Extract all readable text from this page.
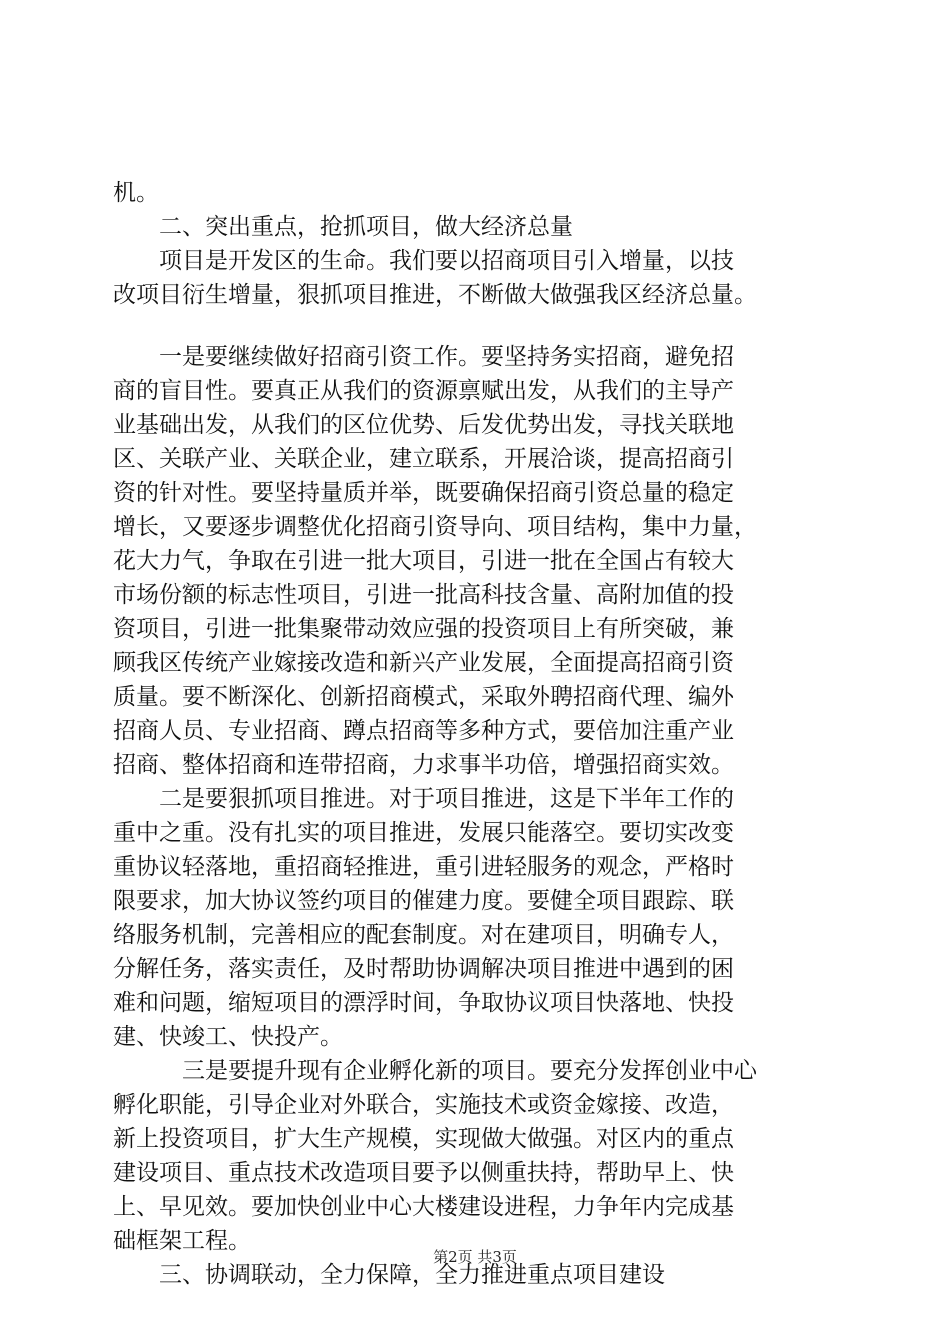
机。
二、突出重点，抢抓项目，做大经济总量
项目是开发区的生命。我们要以招商项目引入增量，以技
改项目衍生增量，狠抓项目推进，不断做大做强我区经济总量。
一是要继续做好招商引资工作。要坚持务实招商，避免招
商的盲目性。要真正从我们的资源禀赋出发，从我们的主导产
业基础出发，从我们的区位优势、后发优势出发，寻找关联地
区、关联产业、关联企业，建立联系，开展洽谈，提高招商引
资的针对性。要坚持量质并举，既要确保招商引资总量的稳定
增长，又要逐步调整优化招商引资导向、项目结构，集中力量，
花大力气，争取在引进一批大项目，引进一批在全国占有较大
市场份额的标志性项目，引进一批高科技含量、高附加值的投
资项目，引进一批集聚带动效应强的投资项目上有所突破，兼
顾我区传统产业嫁接改造和新兴产业发展，全面提高招商引资
质量。要不断深化、创新招商模式，采取外聘招商代理、编外
招商人员、专业招商、蹲点招商等多种方式，要倍加注重产业
招商、整体招商和连带招商，力求事半功倍，增强招商实效。
二是要狠抓项目推进。对于项目推进，这是下半年工作的
重中之重。没有扎实的项目推进，发展只能落空。要切实改变
重协议轻落地，重招商轻推进，重引进轻服务的观念，严格时
限要求，加大协议签约项目的催建力度。要健全项目跟踪、联
络服务机制，完善相应的配套制度。对在建项目，明确专人，
分解任务，落实责任，及时帮助协调解决项目推进中遇到的困
难和问题，缩短项目的漂浮时间，争取协议项目快落地、快投
建、快竣工、快投产。
三是要提升现有企业孵化新的项目。要充分发挥创业中心
孵化职能，引导企业对外联合，实施技术或资金嫁接、改造，
新上投资项目，扩大生产规模，实现做大做强。对区内的重点
建设项目、重点技术改造项目要予以侧重扶持，帮助早上、快
上、早见效。要加快创业中心大楼建设进程，力争年内完成基
础框架工程。
三、协调联动，全力保障，全力推进重点项目建设
第2页 共3页
